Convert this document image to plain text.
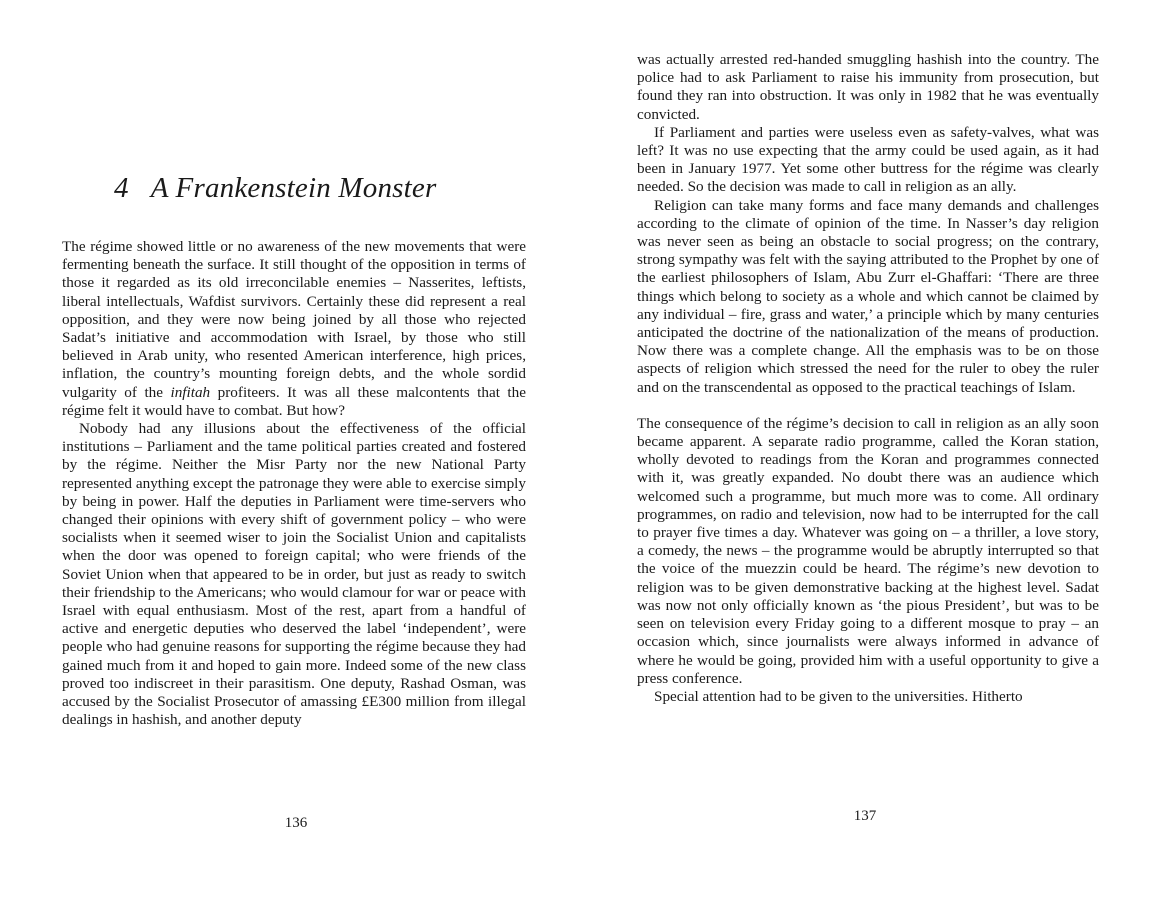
4 A Frankenstein Monster

The régime showed little or no awareness of the new movements that were fermenting beneath the surface. It still thought of the opposition in terms of those it regarded as its old irreconcilable enemies – Nasserites, leftists, liberal intellectuals, Wafdist survivors. Certainly these did represent a real opposition, and they were now being joined by all those who rejected Sadat’s initiative and accommodation with Israel, by those who still believed in Arab unity, who resented American interference, high prices, inflation, the country’s mounting foreign debts, and the whole sordid vulgarity of the infitah profiteers. It was all these malcontents that the régime felt it would have to combat. But how?

Nobody had any illusions about the effectiveness of the official institutions – Parliament and the tame political parties created and fostered by the régime. Neither the Misr Party nor the new National Party represented anything except the patronage they were able to exercise simply by being in power. Half the deputies in Parliament were time-servers who changed their opinions with every shift of government policy – who were socialists when it seemed wiser to join the Socialist Union and capitalists when the door was opened to foreign capital; who were friends of the Soviet Union when that appeared to be in order, but just as ready to switch their friendship to the Americans; who would clamour for war or peace with Israel with equal enthusiasm. Most of the rest, apart from a handful of active and energetic deputies who deserved the label ‘independent’, were people who had genuine reasons for supporting the régime because they had gained much from it and hoped to gain more. Indeed some of the new class proved too indiscreet in their parasitism. One deputy, Rashad Osman, was accused by the Socialist Prosecutor of amassing £E300 million from illegal dealings in hashish, and another deputy

136

was actually arrested red-handed smuggling hashish into the country. The police had to ask Parliament to raise his immunity from prosecution, but found they ran into obstruction. It was only in 1982 that he was eventually convicted.

If Parliament and parties were useless even as safety-valves, what was left? It was no use expecting that the army could be used again, as it had been in January 1977. Yet some other buttress for the régime was clearly needed. So the decision was made to call in religion as an ally.

Religion can take many forms and face many demands and challenges according to the climate of opinion of the time. In Nasser’s day religion was never seen as being an obstacle to social progress; on the contrary, strong sympathy was felt with the saying attributed to the Prophet by one of the earliest philosophers of Islam, Abu Zurr el-Ghaffari: ‘There are three things which belong to society as a whole and which cannot be claimed by any individual – fire, grass and water,’ a principle which by many centuries anticipated the doctrine of the nationalization of the means of production. Now there was a complete change. All the emphasis was to be on those aspects of religion which stressed the need for the ruler to obey the ruler and on the transcendental as opposed to the practical teachings of Islam.

The consequence of the régime’s decision to call in religion as an ally soon became apparent. A separate radio programme, called the Koran station, wholly devoted to readings from the Koran and programmes connected with it, was greatly expanded. No doubt there was an audience which welcomed such a programme, but much more was to come. All ordinary programmes, on radio and television, now had to be interrupted for the call to prayer five times a day. Whatever was going on – a thriller, a love story, a comedy, the news – the programme would be abruptly interrupted so that the voice of the muezzin could be heard. The régime’s new devotion to religion was to be given demonstrative backing at the highest level. Sadat was now not only officially known as ‘the pious President’, but was to be seen on television every Friday going to a different mosque to pray – an occasion which, since journalists were always informed in advance of where he would be going, provided him with a useful opportunity to give a press conference.

Special attention had to be given to the universities. Hitherto

137
